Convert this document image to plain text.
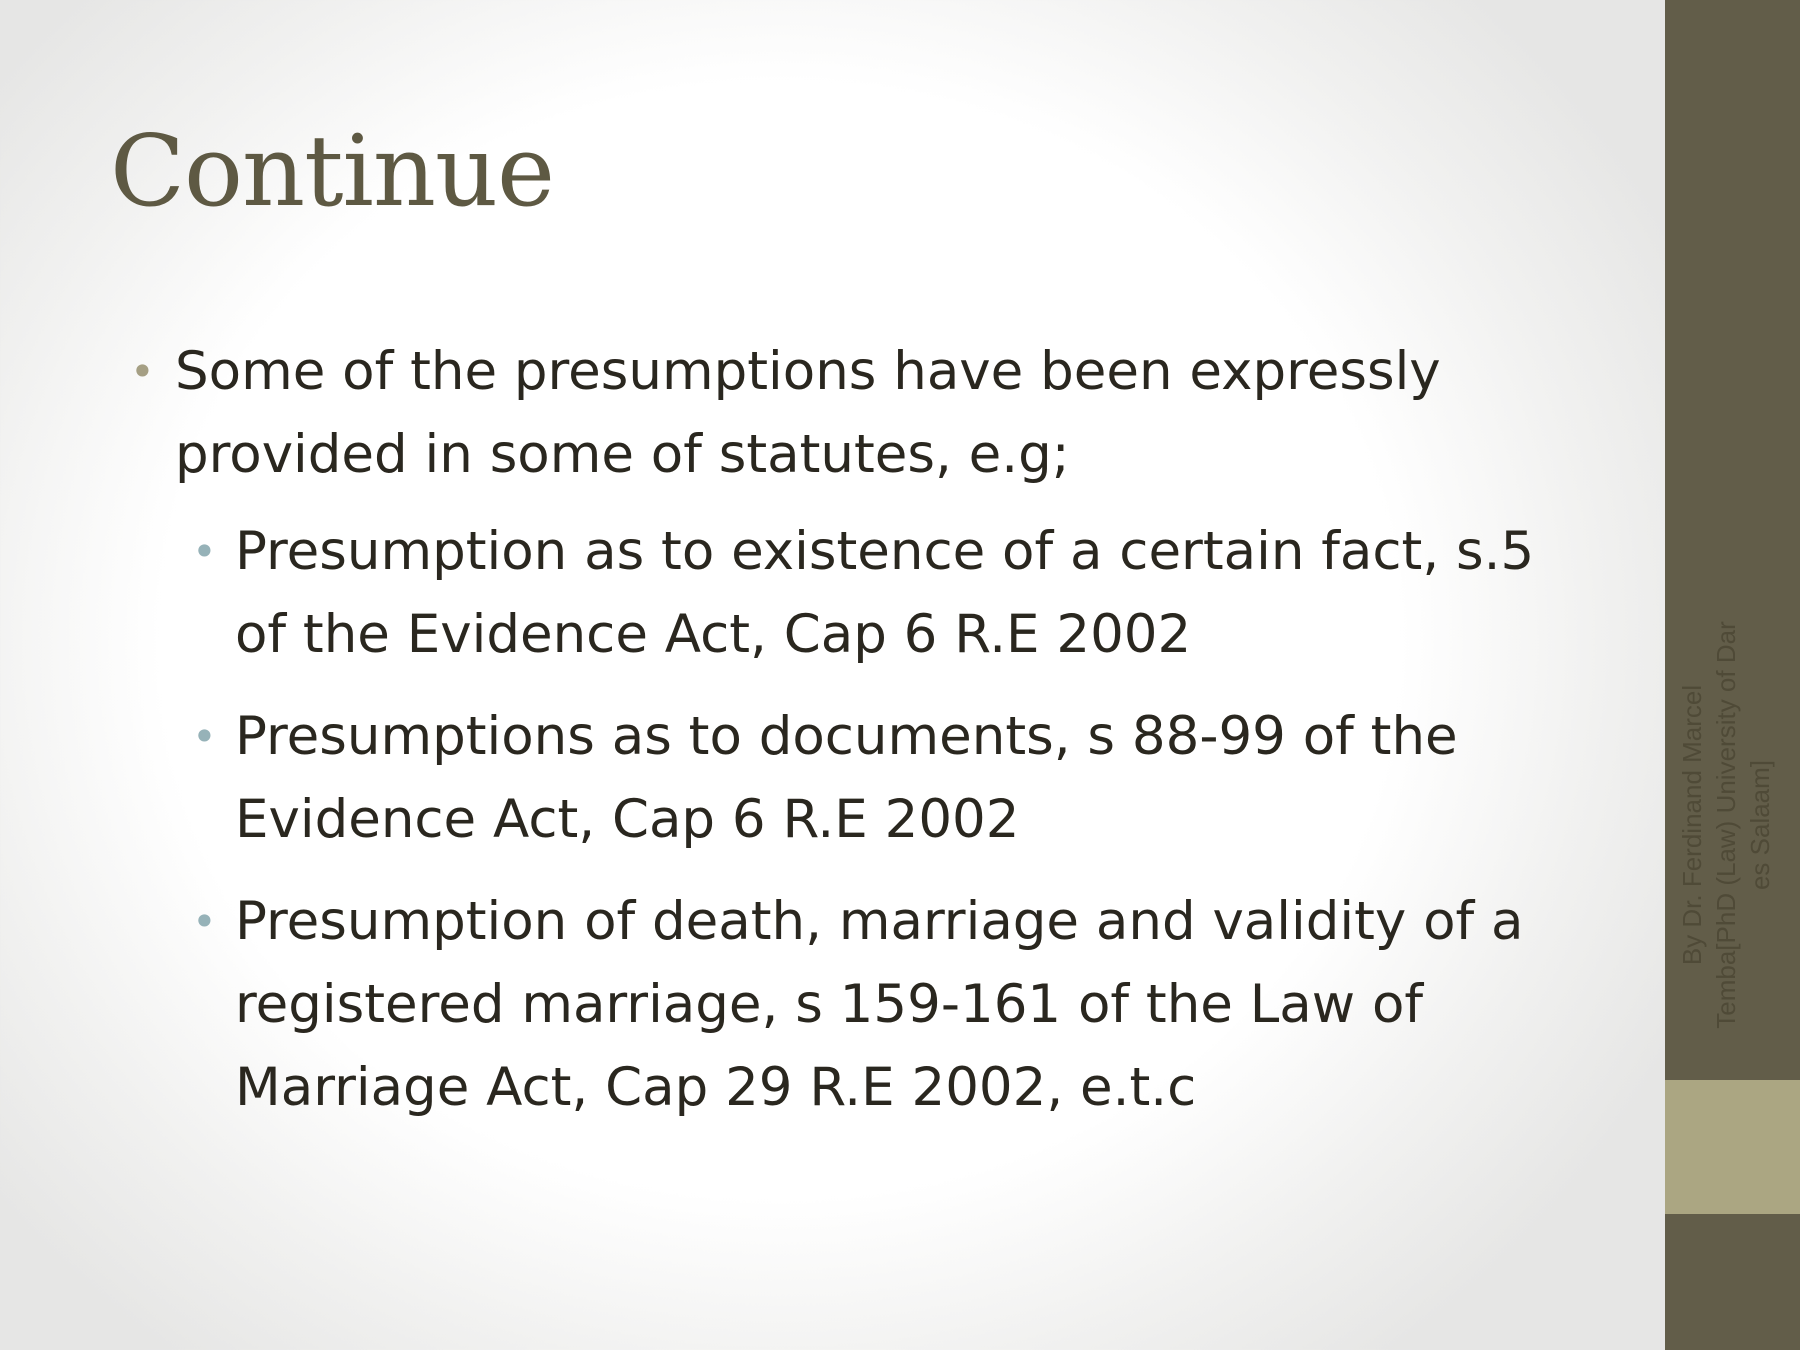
Continue
• Some of the presumptions have been expressly provided in some of statutes, e.g;
• Presumption as to existence of a certain fact, s.5 of the Evidence Act, Cap 6 R.E 2002
• Presumptions as to documents, s 88-99 of the Evidence Act, Cap 6 R.E 2002
• Presumption of death, marriage and validity of a registered marriage, s 159-161 of the Law of Marriage Act, Cap 29 R.E 2002, e.t.c
By Dr. Ferdinand Marcel Temba[PhD (Law) University of Dar es Salaam]
